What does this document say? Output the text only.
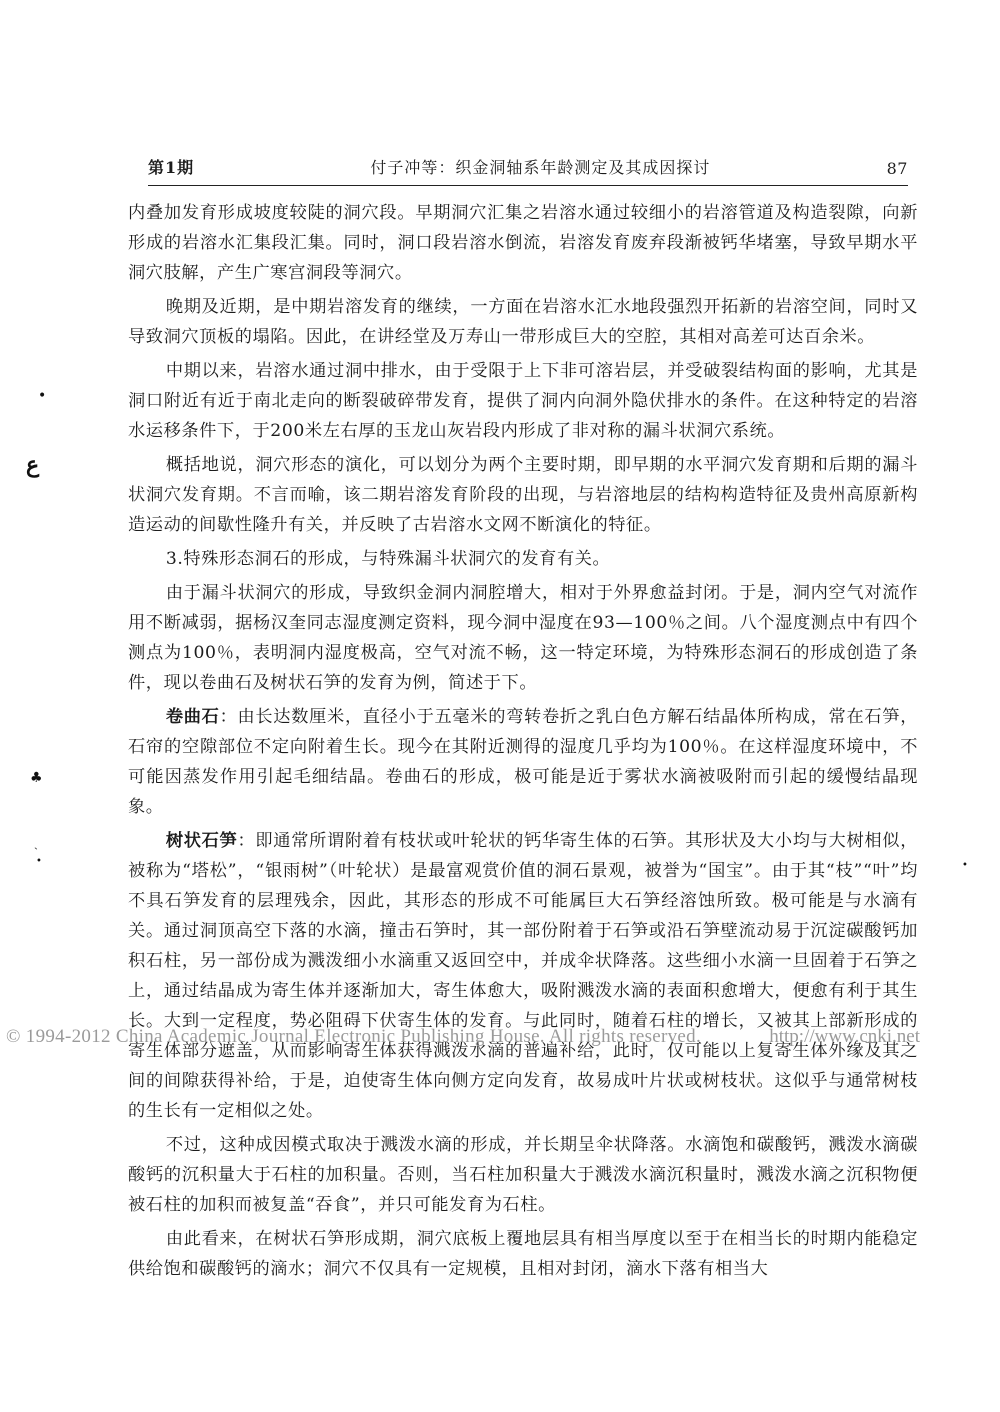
第1期	付子冲等：织金洞轴系年龄测定及其成因探讨	87

内叠加发育形成坡度较陡的洞穴段。早期洞穴汇集之岩溶水通过较细小的岩溶管道及构造裂隙，向新形成的岩溶水汇集段汇集。同时，洞口段岩溶水倒流，岩溶发育废弃段渐被钙华堵塞，导致早期水平洞穴肢解，产生广寒宫洞段等洞穴。

晚期及近期，是中期岩溶发育的继续，一方面在岩溶水汇水地段强烈开拓新的岩溶空间，同时又导致洞穴顶板的塌陷。因此，在讲经堂及万寿山一带形成巨大的空腔，其相对高差可达百余米。

中期以来，岩溶水通过洞中排水，由于受限于上下非可溶岩层，并受破裂结构面的影响，尤其是洞口附近有近于南北走向的断裂破碎带发育，提供了洞内向洞外隐伏排水的条件。在这种特定的岩溶水运移条件下，于200米左右厚的玉龙山灰岩段内形成了非对称的漏斗状洞穴系统。

概括地说，洞穴形态的演化，可以划分为两个主要时期，即早期的水平洞穴发育期和后期的漏斗状洞穴发育期。不言而喻，该二期岩溶发育阶段的出现，与岩溶地层的结构构造特征及贵州高原新构造运动的间歇性隆升有关，并反映了古岩溶水文网不断演化的特征。

3.特殊形态洞石的形成，与特殊漏斗状洞穴的发育有关。

由于漏斗状洞穴的形成，导致织金洞内洞腔增大，相对于外界愈益封闭。于是，洞内空气对流作用不断减弱，据杨汉奎同志湿度测定资料，现今洞中湿度在93—100％之间。八个湿度测点中有四个测点为100％，表明洞内湿度极高，空气对流不畅，这一特定环境，为特殊形态洞石的形成创造了条件，现以卷曲石及树状石笋的发育为例，简述于下。

卷曲石：由长达数厘米，直径小于五毫米的弯转卷折之乳白色方解石结晶体所构成，常在石笋，石帘的空隙部位不定向附着生长。现今在其附近测得的湿度几乎均为100％。在这样湿度环境中，不可能因蒸发作用引起毛细结晶。卷曲石的形成，极可能是近于雾状水滴被吸附而引起的缓慢结晶现象。

树状石笋：即通常所谓附着有枝状或叶轮状的钙华寄生体的石笋。其形状及大小均与大树相似，被称为“塔松”，“银雨树”（叶轮状）是最富观赏价值的洞石景观，被誉为“国宝”。由于其“枝”“叶”均不具石笋发育的层理残余，因此，其形态的形成不可能属巨大石笋经溶蚀所致。极可能是与水滴有关。通过洞顶高空下落的水滴，撞击石笋时，其一部份附着于石笋或沿石笋壁流动易于沉淀碳酸钙加积石柱，另一部份成为溅泼细小水滴重又返回空中，并成伞状降落。这些细小水滴一旦固着于石笋之上，通过结晶成为寄生体并逐渐加大，寄生体愈大，吸附溅泼水滴的表面积愈增大，便愈有利于其生长。大到一定程度，势必阻碍下伏寄生体的发育。与此同时，随着石柱的增长，又被其上部新形成的寄生体部分遮盖，从而影响寄生体获得溅泼水滴的普遍补给，此时，仅可能以上复寄生体外缘及其之间的间隙获得补给，于是，迫使寄生体向侧方定向发育，故易成叶片状或树枝状。这似乎与通常树枝的生长有一定相似之处。

不过，这种成因模式取决于溅泼水滴的形成，并长期呈伞状降落。水滴饱和碳酸钙，溅泼水滴碳酸钙的沉积量大于石柱的加积量。否则，当石柱加积量大于溅泼水滴沉积量时，溅泼水滴之沉积物便被石柱的加积而被复盖“吞食”，并只可能发育为石柱。

由此看来，在树状石笋形成期，洞穴底板上覆地层具有相当厚度以至于在相当长的时期内能稳定供给饱和碳酸钙的滴水；洞穴不仅具有一定规模，且相对封闭，滴水下落有相当大

•
ﻉ
♣
ˎ
•	•
© 1994-2012 China Academic Journal Electronic Publishing House. All rights reserved.	http://www.cnki.net
